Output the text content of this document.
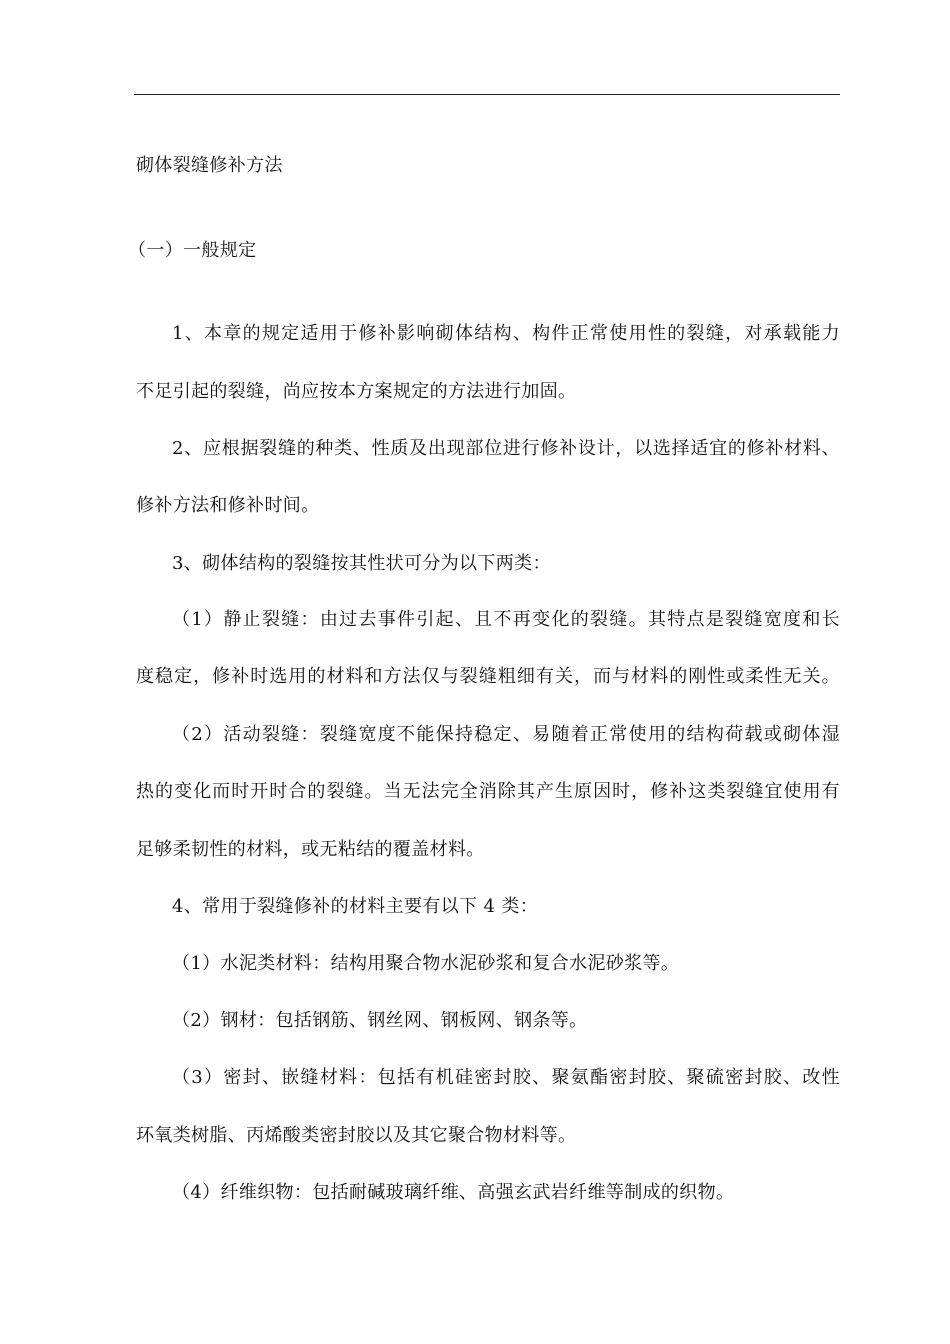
砌体裂缝修补方法
（一）一般规定
1、本章的规定适用于修补影响砌体结构、构件正常使用性的裂缝，对承载能力
不足引起的裂缝，尚应按本方案规定的方法进行加固。
2、应根据裂缝的种类、性质及出现部位进行修补设计，以选择适宜的修补材料、
修补方法和修补时间。
3、砌体结构的裂缝按其性状可分为以下两类：
（1）静止裂缝：由过去事件引起、且不再变化的裂缝。其特点是裂缝宽度和长
度稳定，修补时选用的材料和方法仅与裂缝粗细有关，而与材料的刚性或柔性无关。
（2）活动裂缝：裂缝宽度不能保持稳定、易随着正常使用的结构荷载或砌体湿
热的变化而时开时合的裂缝。当无法完全消除其产生原因时，修补这类裂缝宜使用有
足够柔韧性的材料，或无粘结的覆盖材料。
4、常用于裂缝修补的材料主要有以下 4 类：
（1）水泥类材料：结构用聚合物水泥砂浆和复合水泥砂浆等。
（2）钢材：包括钢筋、钢丝网、钢板网、钢条等。
（3）密封、嵌缝材料：包括有机硅密封胶、聚氨酯密封胶、聚硫密封胶、改性
环氧类树脂、丙烯酸类密封胶以及其它聚合物材料等。
（4）纤维织物：包括耐碱玻璃纤维、高强玄武岩纤维等制成的织物。
